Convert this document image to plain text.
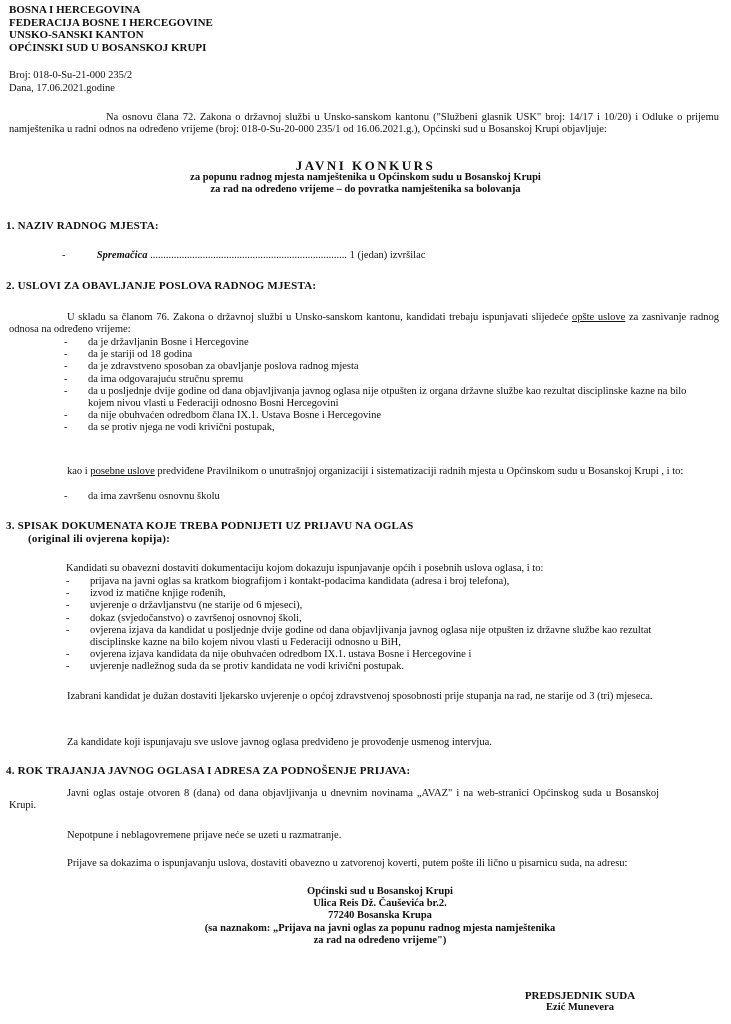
BOSNA I HERCEGOVINA
FEDERACIJA BOSNE I HERCEGOVINE
UNSKO-SANSKI KANTON
OPĆINSKI SUD U BOSANSKOJ KRUPI
Broj: 018-0-Su-21-000 235/2
Dana, 17.06.2021.godine
Na osnovu člana 72. Zakona o državnoj službi u Unsko-sanskom kantonu ("Službeni glasnik USK" broj: 14/17 i 10/20) i Odluke o prijemu namještenika u radni odnos na određeno vrijeme (broj: 018-0-Su-20-000 235/1 od 16.06.2021.g.), Općinski sud u Bosanskoj Krupi objavljuje:
JAVNI KONKURS
za popunu radnog mjesta namještenika u Općinskom sudu u Bosanskoj Krupi
za rad na određeno vrijeme – do povratka namještenika sa bolovanja
1. NAZIV RADNOG MJESTA:
-	Spremačica ........................................................................... 1 (jedan) izvršilac
2. USLOVI ZA OBAVLJANJE POSLOVA RADNOG MJESTA:
U skladu sa članom 76. Zakona o državnoj službi u Unsko-sanskom kantonu, kandidati trebaju ispunjavati slijedeće opšte uslove za zasnivanje radnog odnosa na određeno vrijeme:
- da je državljanin Bosne i Hercegovine
- da je stariji od 18 godina
- da je zdravstveno sposoban za obavljanje poslova radnog mjesta
- da ima odgovarajuću stručnu spremu
- da u posljednje dvije godine od dana objavljivanja javnog oglasa nije otpušten iz organa državne službe kao rezultat disciplinske kazne na bilo kojem nivou vlasti u Federaciji odnosno Bosni Hercegovini
- da nije obuhvaćen odredbom člana IX.1. Ustava Bosne i Hercegovine
- da se protiv njega ne vodi krivični postupak,
kao i posebne uslove predviđene Pravilnikom o unutrašnjoj organizaciji i sistematizaciji radnih mjesta u Općinskom sudu u Bosanskoj Krupi , i to:
- da ima završenu osnovnu školu
3. SPISAK DOKUMENATA KOJE TREBA PODNIJETI UZ PRIJAVU NA OGLAS
(original ili ovjerena kopija):
Kandidati su obavezni dostaviti dokumentaciju kojom dokazuju ispunjavanje općih i posebnih uslova oglasa, i to:
- prijava na javni oglas sa kratkom biografijom i kontakt-podacima kandidata (adresa i broj telefona),
- izvod iz matične knjige rođenih,
- uvjerenje o državljanstvu (ne starije od 6 mjeseci),
- dokaz (svjedočanstvo) o završenoj osnovnoj školi,
- ovjerena izjava da kandidat u posljednje dvije godine od dana objavljivanja javnog oglasa nije otpušten iz državne službe kao rezultat disciplinske kazne na bilo kojem nivou vlasti u Federaciji odnosno u BiH,
- ovjerena izjava kandidata da nije obuhvaćen odredbom IX.1. ustava Bosne i Hercegovine i
- uvjerenje nadležnog suda da se protiv kandidata ne vodi krivični postupak.
Izabrani kandidat je dužan dostaviti ljekarsko uvjerenje o općoj zdravstvenoj sposobnosti prije stupanja na rad, ne starije od 3 (tri) mjeseca.
Za kandidate koji ispunjavaju sve uslove javnog oglasa predviđeno je provođenje usmenog intervjua.
4. ROK TRAJANJA JAVNOG OGLASA I ADRESA ZA PODNOŠENJE PRIJAVA:
Javni oglas ostaje otvoren 8 (dana) od dana objavljivanja u dnevnim novinama „AVAZ" i na web-stranici Općinskog suda u Bosanskoj Krupi.
Nepotpune i neblagovremene prijave neće se uzeti u razmatranje.
Prijave sa dokazima o ispunjavanju uslova, dostaviti obavezno u zatvorenoj koverti, putem pošte ili lično u pisarnicu suda, na adresu:
Općinski sud u Bosanskoj Krupi
Ulica Reis Dž. Čauševića br.2.
77240 Bosanska Krupa
(sa naznakom: „Prijava na javni oglas za popunu radnog mjesta namještenika
za rad na određeno vrijeme")
PREDSJEDNIK SUDA
Ezić Munevera
